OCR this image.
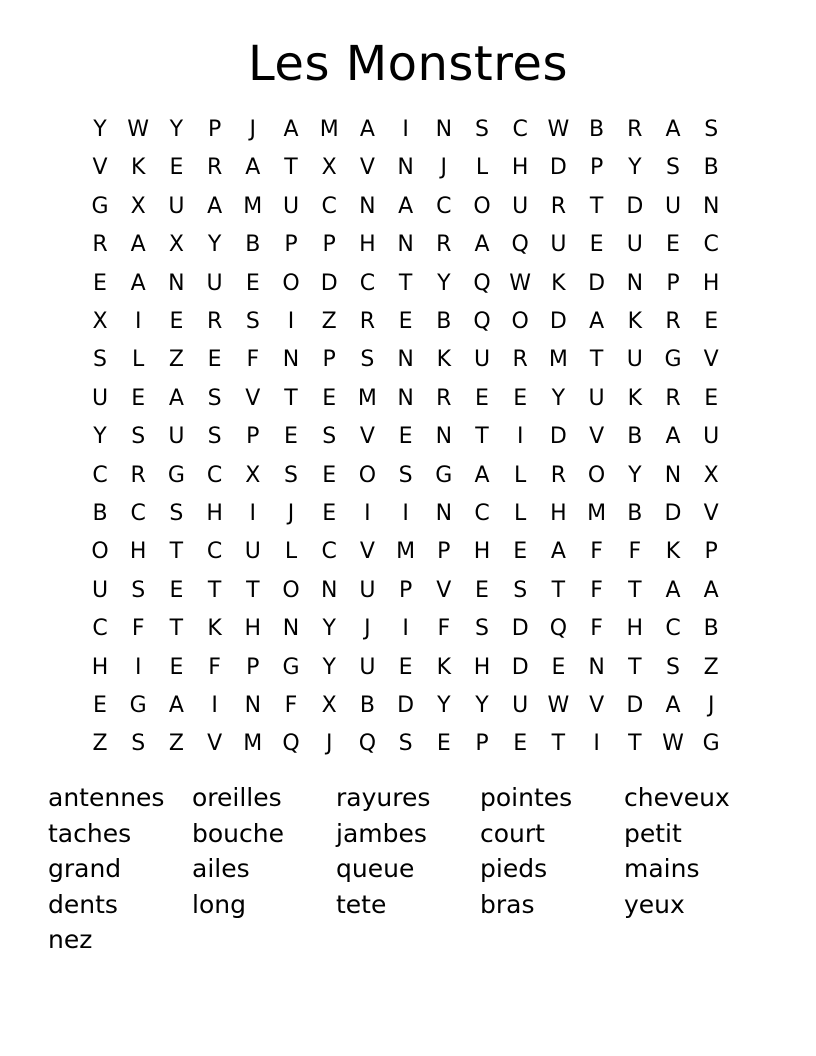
Les Monstres
Y W Y	P	J	A M A	I	N	S	C W B	R	A	S
V	K	E	R	A	T	X	V	N	J	L	H D	P	Y	S	B
G	X	U	A M U	C	N	A	C O U	R	T	D U N
R	A	X	Y	B	P	P	H N	R	A Q U	E	U	E	C
E	A	N U	E	O D	C	T	Y	Q W K	D N	P	H
X	I	E	R	S	I	Z	R	E	B Q O D	A	K	R	E
S	L	Z	E	F	N	P	S	N	K	U	R M T	U G	V
U	E	A	S	V	T	E M N	R	E	E	Y	U	K	R	E
Y	S	U	S	P	E	S	V	E	N	T	I	D	V	B	A	U
C	R	G C	X	S	E	O	S	G	A	L	R O	Y	N	X
B	C	S	H	I	J	E	I	I	N	C	L	H M B	D	V
O H	T	C	U	L	C	V M	P	H	E	A	F	F	K	P
U	S	E	T	T	O N U	P	V	E	S	T	F	T	A	A
C	F	T	K	H N	Y	J	I	F	S	D Q	F	H	C	B
H	I	E	F	P	G	Y	U	E	K	H D	E	N	T	S	Z
E	G	A	I	N	F	X	B	D	Y	Y	U W V	D	A	J
Z	S	Z	V M Q	J	Q	S	E	P	E	T	I	T W G
antennes oreilles rayures pointes cheveux
taches bouche jambes court	petit
grand	ailes	queue	pieds	mains
dents	long	tete	bras	yeux
nez
